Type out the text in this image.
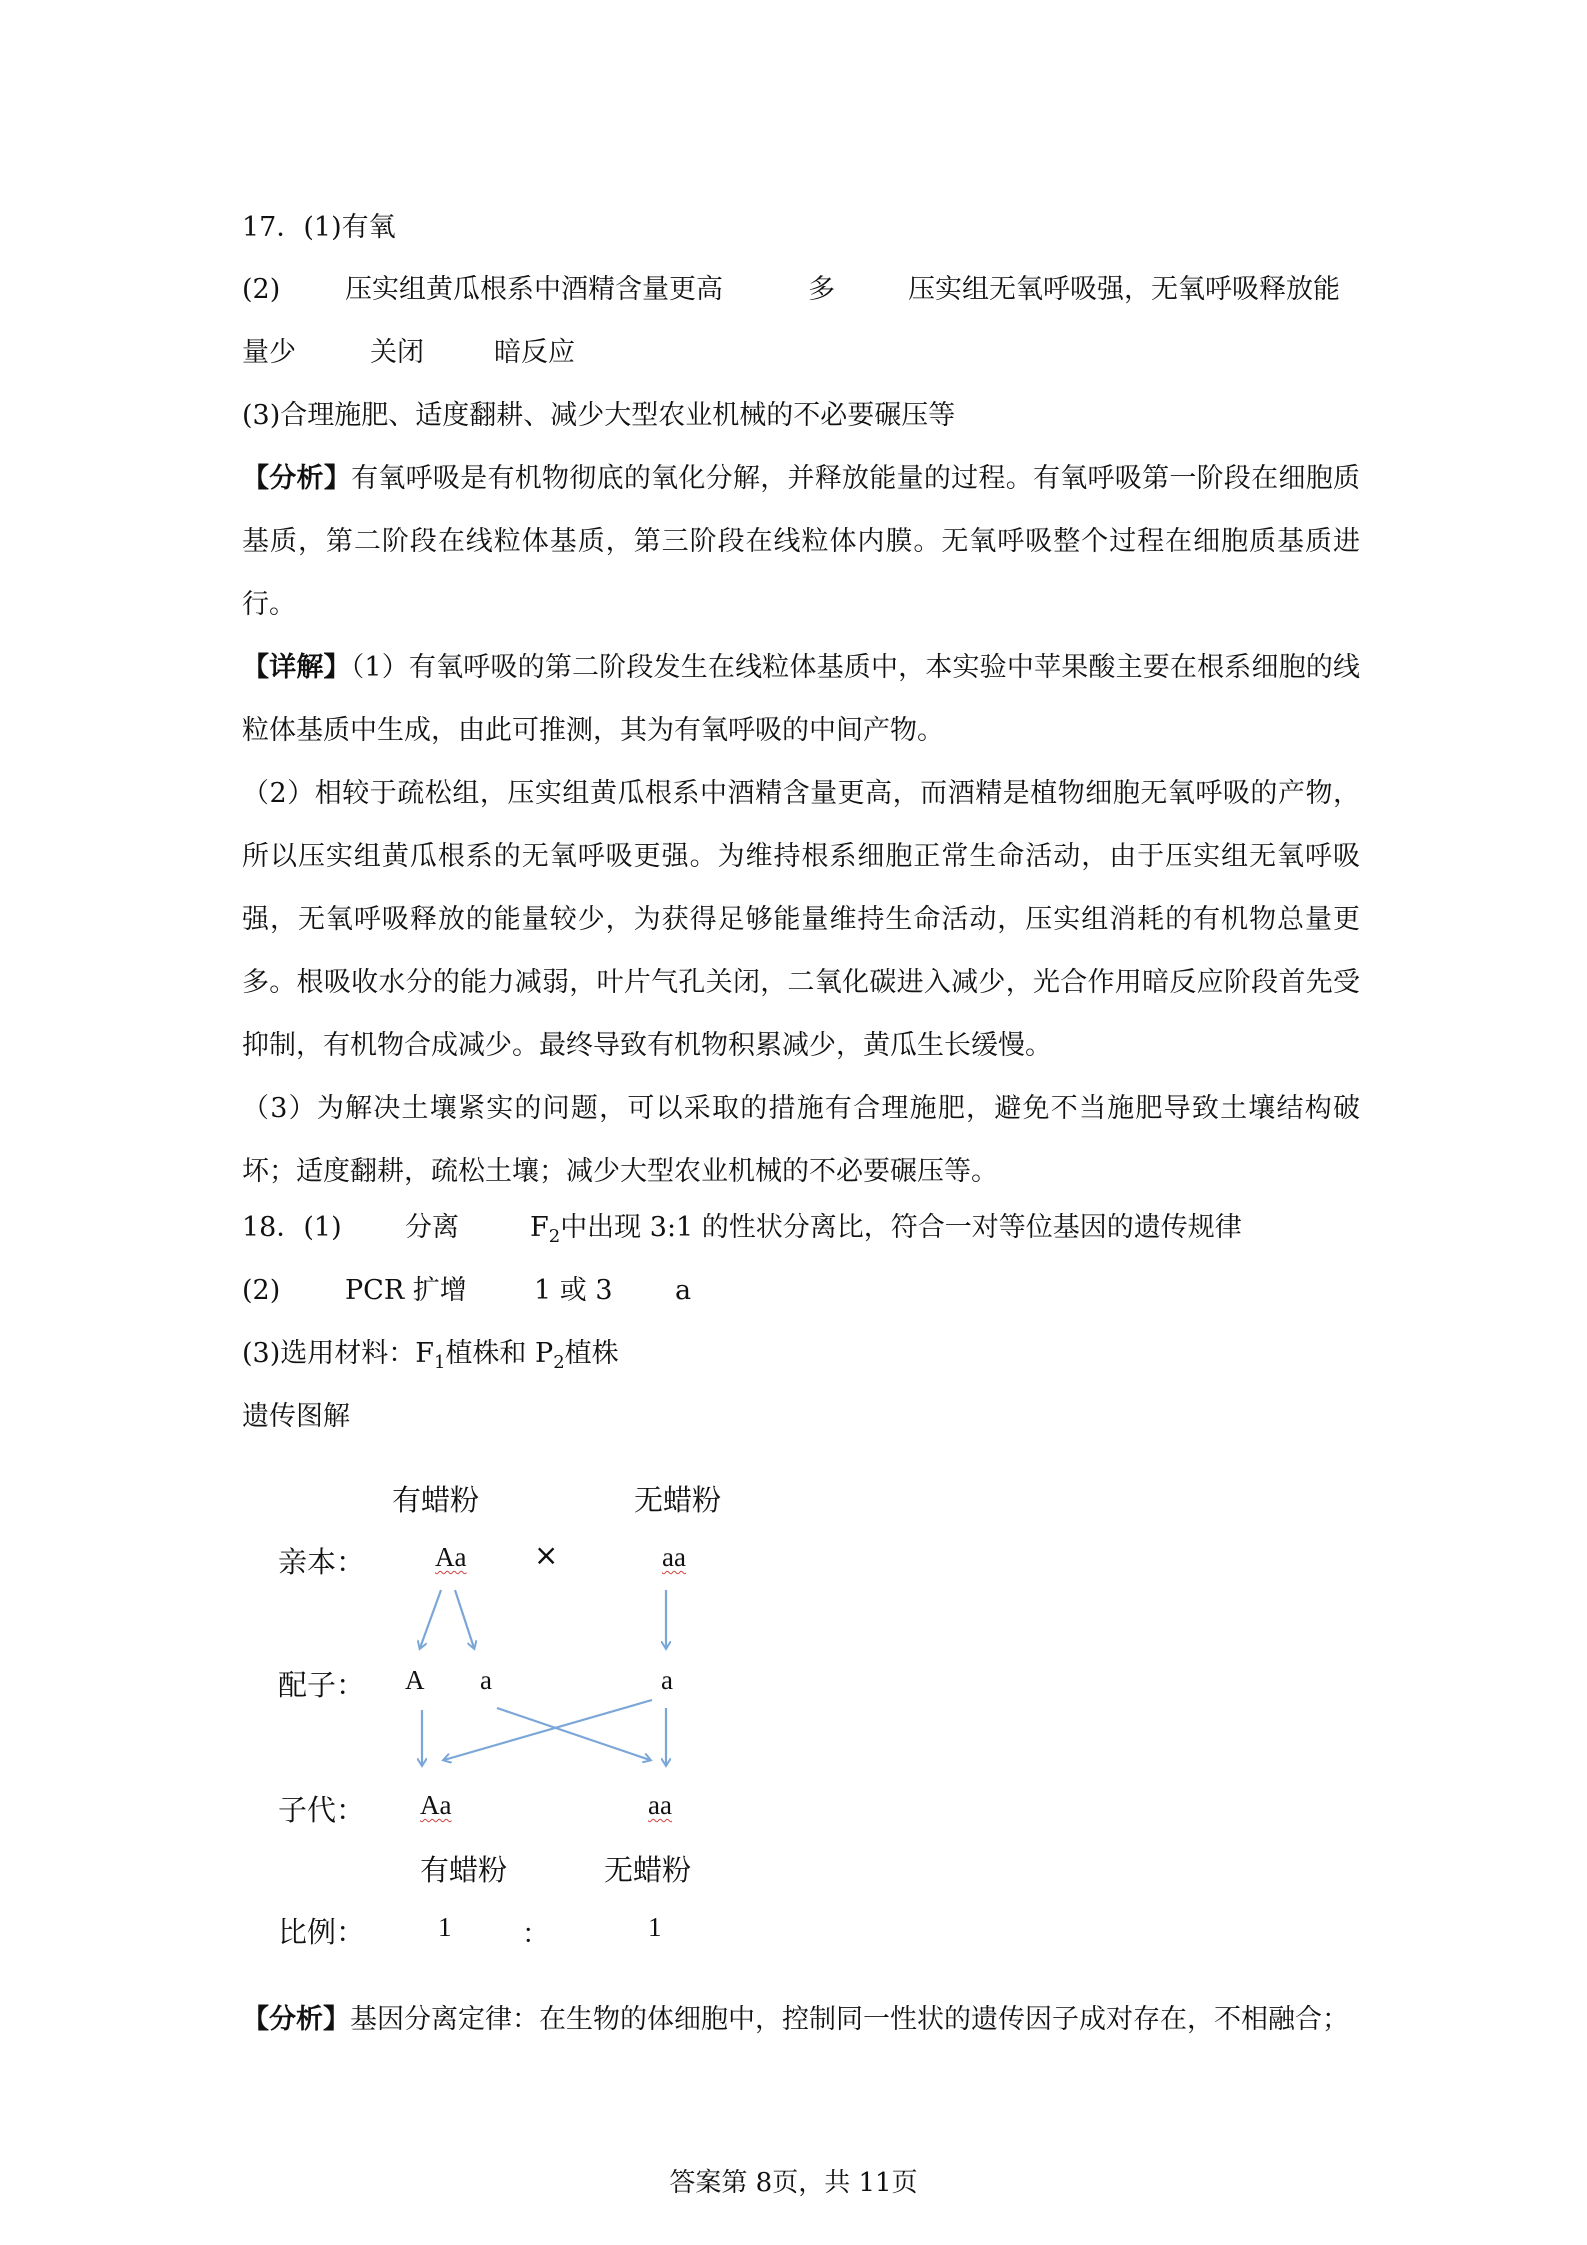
17．(1)有氧
(2) 压实组黄瓜根系中酒精含量更高	多	压实组无氧呼吸强，无氧呼吸释放能
量少	关闭	暗反应
(3)合理施肥、适度翻耕、减少大型农业机械的不必要碾压等
【分析】有氧呼吸是有机物彻底的氧化分解，并释放能量的过程。有氧呼吸第一阶段在细胞质基质，第二阶段在线粒体基质，第三阶段在线粒体内膜。无氧呼吸整个过程在细胞质基质进行。
【详解】（1）有氧呼吸的第二阶段发生在线粒体基质中，本实验中苹果酸主要在根系细胞的线粒体基质中生成，由此可推测，其为有氧呼吸的中间产物。
（2）相较于疏松组，压实组黄瓜根系中酒精含量更高，而酒精是植物细胞无氧呼吸的产物，所以压实组黄瓜根系的无氧呼吸更强。为维持根系细胞正常生命活动，由于压实组无氧呼吸强，无氧呼吸释放的能量较少，为获得足够能量维持生命活动，压实组消耗的有机物总量更多。根吸收水分的能力减弱，叶片气孔关闭，二氧化碳进入减少，光合作用暗反应阶段首先受抑制，有机物合成减少。最终导致有机物积累减少，黄瓜生长缓慢。
（3）为解决土壤紧实的问题，可以采取的措施有合理施肥，避免不当施肥导致土壤结构破坏；适度翻耕，疏松土壤；减少大型农业机械的不必要碾压等。
18．(1) 分离	$F_2$中出现 3:1 的性状分离比，符合一对等位基因的遗传规律
(2) PCR 扩增 1 或 3 a
(3)选用材料：$F_1$植株和 $P_2$植株
遗传图解
有蜡粉	无蜡粉
亲本：	Aa ×	aa
配子： A a	a
子代： Aa	aa
有蜡粉	无蜡粉
比例：	1	：	1
【分析】基因分离定律：在生物的体细胞中，控制同一性状的遗传因子成对存在，不相融合；
答案第 8页，共 11页
